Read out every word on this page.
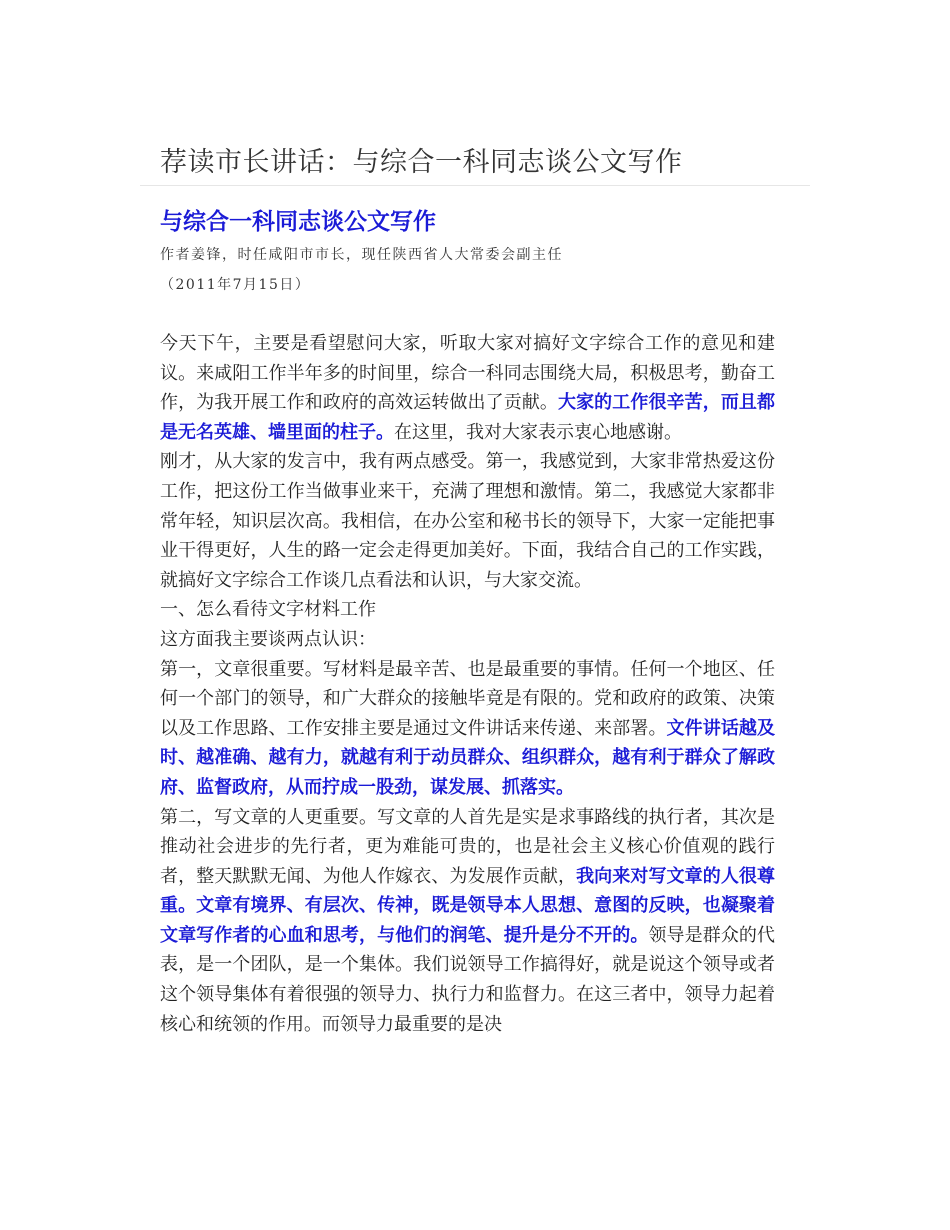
荐读市长讲话：与综合一科同志谈公文写作
与综合一科同志谈公文写作
作者姜锋，时任咸阳市市长，现任陕西省人大常委会副主任
（2011年7月15日）

今天下午，主要是看望慰问大家，听取大家对搞好文字综合工作的意见和建议。来咸阳工作半年多的时间里，综合一科同志围绕大局，积极思考，勤奋工作，为我开展工作和政府的高效运转做出了贡献。大家的工作很辛苦，而且都是无名英雄、墙里面的柱子。在这里，我对大家表示衷心地感谢。

刚才，从大家的发言中，我有两点感受。第一，我感觉到，大家非常热爱这份工作，把这份工作当做事业来干，充满了理想和激情。第二，我感觉大家都非常年轻，知识层次高。我相信，在办公室和秘书长的领导下，大家一定能把事业干得更好，人生的路一定会走得更加美好。下面，我结合自己的工作实践，就搞好文字综合工作谈几点看法和认识，与大家交流。

一、怎么看待文字材料工作

这方面我主要谈两点认识：

第一，文章很重要。写材料是最辛苦、也是最重要的事情。任何一个地区、任何一个部门的领导，和广大群众的接触毕竟是有限的。党和政府的政策、决策以及工作思路、工作安排主要是通过文件讲话来传递、来部署。文件讲话越及时、越准确、越有力，就越有利于动员群众、组织群众，越有利于群众了解政府、监督政府，从而拧成一股劲，谋发展、抓落实。

第二，写文章的人更重要。写文章的人首先是实是求事路线的执行者，其次是推动社会进步的先行者，更为难能可贵的，也是社会主义核心价值观的践行者，整天默默无闻、为他人作嫁衣、为发展作贡献，我向来对写文章的人很尊重。文章有境界、有层次、传神，既是领导本人思想、意图的反映，也凝聚着文章写作者的心血和思考，与他们的润笔、提升是分不开的。领导是群众的代表，是一个团队，是一个集体。我们说领导工作搞得好，就是说这个领导或者这个领导集体有着很强的领导力、执行力和监督力。在这三者中，领导力起着核心和统领的作用。而领导力最重要的是决
